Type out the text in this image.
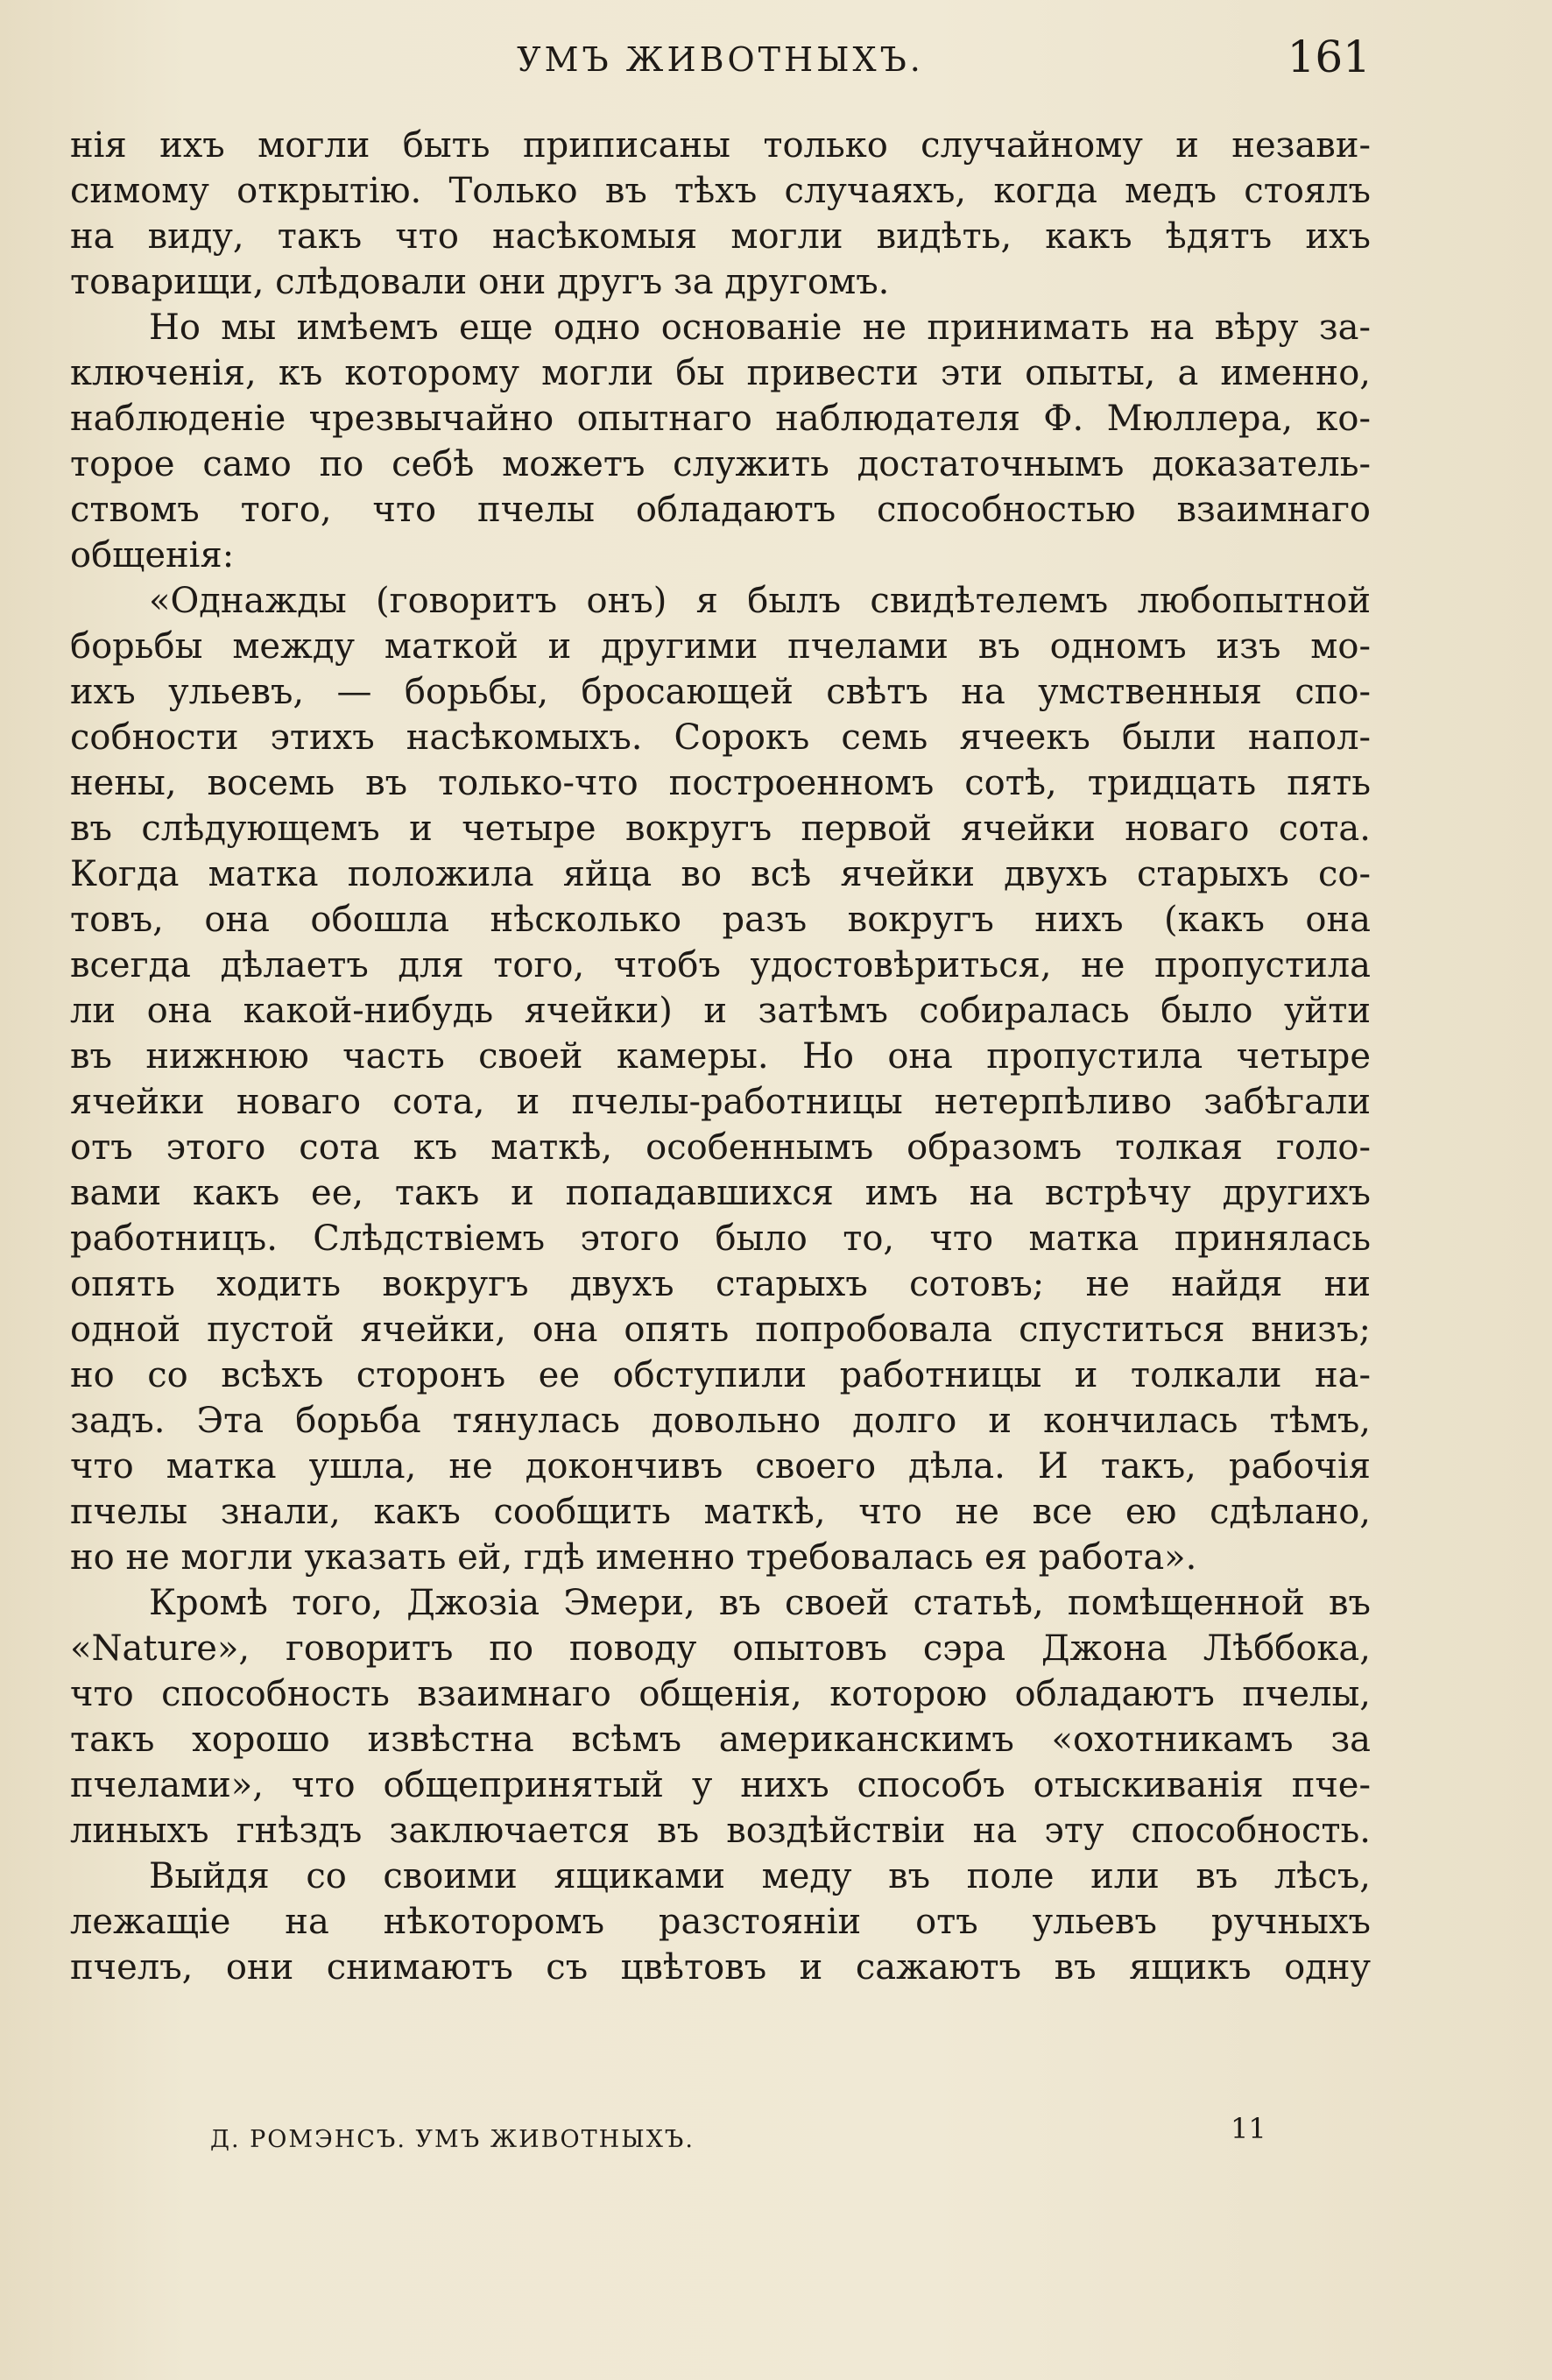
УМЪ ЖИВОТНЫХЪ.	161
нія ихъ могли быть приписаны только случайному и незави-
симому открытію. Только въ тѣхъ случаяхъ, когда медъ стоялъ
на виду, такъ что насѣкомыя могли видѣть, какъ ѣдятъ ихъ
товарищи, слѣдовали они другъ за другомъ.
Но мы имѣемъ еще одно основаніе не принимать на вѣру за-
ключенія, къ которому могли бы привести эти опыты, а именно,
наблюденіе чрезвычайно опытнаго наблюдателя Ф. Мюллера, ко-
торое само по себѣ можетъ служить достаточнымъ доказатель-
ствомъ того, что пчелы обладаютъ способностью взаимнаго
общенія:
«Однажды (говоритъ онъ) я былъ свидѣтелемъ любопытной
борьбы между маткой и другими пчелами въ одномъ изъ мо-
ихъ ульевъ, — борьбы, бросающей свѣтъ на умственныя спо-
собности этихъ насѣкомыхъ. Сорокъ семь ячеекъ были напол-
нены, восемь въ только-что построенномъ сотѣ, тридцать пять
въ слѣдующемъ и четыре вокругъ первой ячейки новаго сота.
Когда матка положила яйца во всѣ ячейки двухъ старыхъ со-
товъ, она обошла нѣсколько разъ вокругъ нихъ (какъ она
всегда дѣлаетъ для того, чтобъ удостовѣриться, не пропустила
ли она какой-нибудь ячейки) и затѣмъ собиралась было уйти
въ нижнюю часть своей камеры. Но она пропустила четыре
ячейки новаго сота, и пчелы-работницы нетерпѣливо забѣгали
отъ этого сота къ маткѣ, особеннымъ образомъ толкая голо-
вами какъ ее, такъ и попадавшихся имъ на встрѣчу другихъ
работницъ. Слѣдствіемъ этого было то, что матка принялась
опять ходить вокругъ двухъ старыхъ сотовъ; не найдя ни
одной пустой ячейки, она опять попробовала спуститься внизъ;
но со всѣхъ сторонъ ее обступили работницы и толкали на-
задъ. Эта борьба тянулась довольно долго и кончилась тѣмъ,
что матка ушла, не докончивъ своего дѣла. И такъ, рабочія
пчелы знали, какъ сообщить маткѣ, что не все ею сдѣлано,
но не могли указать ей, гдѣ именно требовалась ея работа».
Кромѣ того, Джозіа Эмери, въ своей статьѣ, помѣщенной въ
«Nature», говоритъ по поводу опытовъ сэра Джона Лѣббока,
что способность взаимнаго общенія, которою обладаютъ пчелы,
такъ хорошо извѣстна всѣмъ американскимъ «охотникамъ за
пчелами», что общепринятый у нихъ способъ отыскиванія пче-
линыхъ гнѣздъ заключается въ воздѣйствіи на эту способность.
Выйдя со своими ящиками меду въ поле или въ лѣсъ,
лежащіе на нѣкоторомъ разстояніи отъ ульевъ ручныхъ
пчелъ, они снимаютъ съ цвѣтовъ и сажаютъ въ ящикъ одну
Д. РОМЭНСЪ. УМЪ ЖИВОТНЫХЪ.	11
